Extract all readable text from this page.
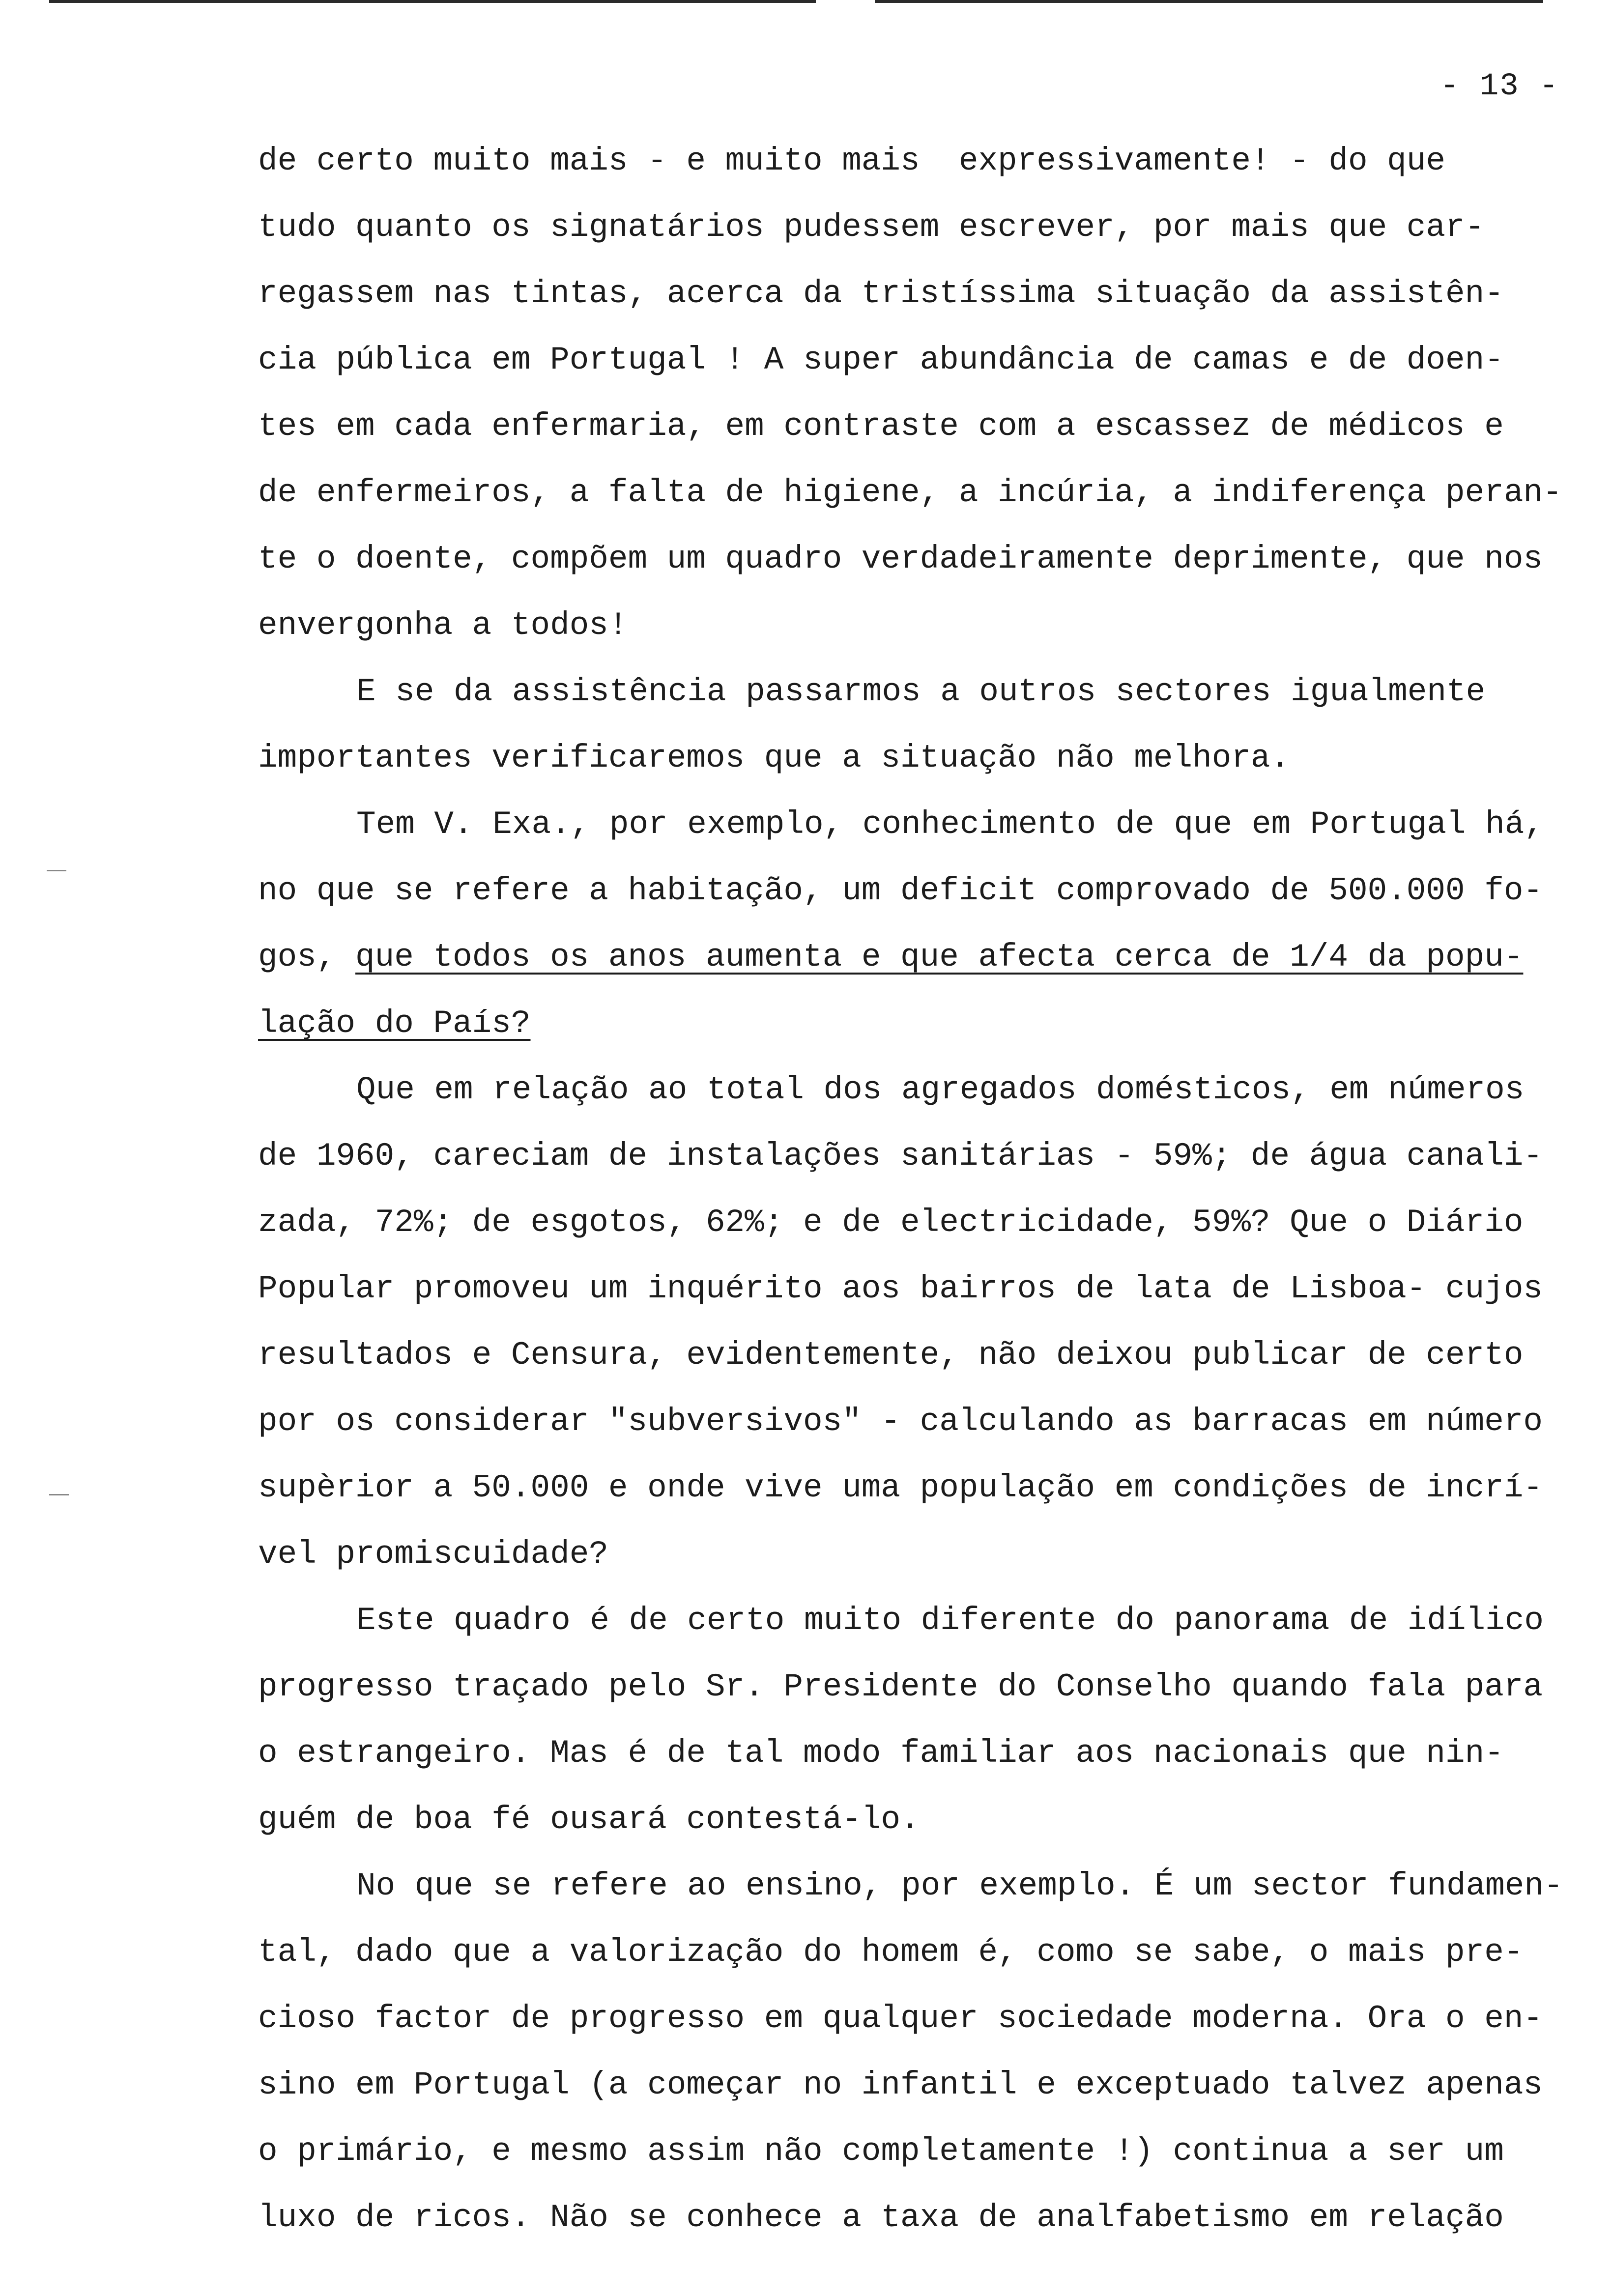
- 13 -
de certo muito mais - e muito mais  expressivamente! - do que
tudo quanto os signatários pudessem escrever, por mais que car-
regassem nas tintas, acerca da tristíssima situação da assistên-
cia pública em Portugal ! A super abundância de camas e de doen-
tes em cada enfermaria, em contraste com a escassez de médicos e
de enfermeiros, a falta de higiene, a incúria, a indiferença peran-
te o doente, compõem um quadro verdadeiramente deprimente, que nos
envergonha a todos!
E se da assistência passarmos a outros sectores igualmente
importantes verificaremos que a situação não melhora.
Tem V. Exa., por exemplo, conhecimento de que em Portugal há,
no que se refere a habitação, um deficit comprovado de 500.000 fo-
gos, que todos os anos aumenta e que afecta cerca de 1/4 da popu-
lação do País?
Que em relação ao total dos agregados domésticos, em números
de 1960, careciam de instalações sanitárias - 59%; de água canali-
zada, 72%; de esgotos, 62%; e de electricidade, 59%? Que o Diário
Popular promoveu um inquérito aos bairros de lata de Lisboa- cujos
resultados e Censura, evidentemente, não deixou publicar de certo
por os considerar "subversivos" - calculando as barracas em número
supèrior a 50.000 e onde vive uma população em condições de incrí-
vel promiscuidade?
Este quadro é de certo muito diferente do panorama de idílico
progresso traçado pelo Sr. Presidente do Conselho quando fala para
o estrangeiro. Mas é de tal modo familiar aos nacionais que nin-
guém de boa fé ousará contestá-lo.
No que se refere ao ensino, por exemplo. É um sector fundamen-
tal, dado que a valorização do homem é, como se sabe, o mais pre-
cioso factor de progresso em qualquer sociedade moderna. Ora o en-
sino em Portugal (a começar no infantil e exceptuado talvez apenas
o primário, e mesmo assim não completamente !) continua a ser um
luxo de ricos. Não se conhece a taxa de analfabetismo em relação
